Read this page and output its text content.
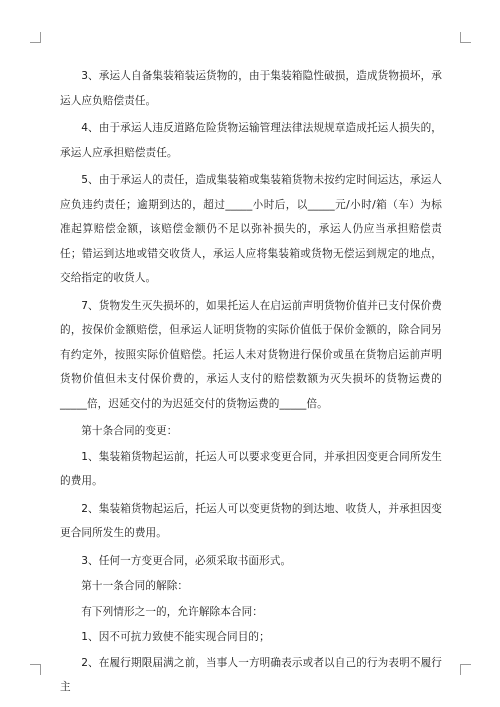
3、承运人自备集装箱装运货物的，由于集装箱隐性破损，造成货物损坏，承运人应负赔偿责任。

4、由于承运人违反道路危险货物运输管理法律法规规章造成托运人损失的，承运人应承担赔偿责任。

5、由于承运人的责任，造成集装箱或集装箱货物未按约定时间运达，承运人应负违约责任；逾期到达的，超过_____小时后，以_____元/小时/箱（车）为标准起算赔偿金额，该赔偿金额仍不足以弥补损失的，承运人仍应当承担赔偿责任；错运到达地或错交收货人，承运人应将集装箱或货物无偿运到规定的地点，交给指定的收货人。

7、货物发生灭失损坏的，如果托运人在启运前声明货物价值并已支付保价费的，按保价金额赔偿，但承运人证明货物的实际价值低于保价金额的，除合同另有约定外，按照实际价值赔偿。托运人未对货物进行保价或虽在货物启运前声明货物价值但未支付保价费的，承运人支付的赔偿数额为灭失损坏的货物运费的_____倍，迟延交付的为迟延交付的货物运费的_____倍。

第十条合同的变更：

1、集装箱货物起运前，托运人可以要求变更合同，并承担因变更合同所发生的费用。

2、集装箱货物起运后，托运人可以变更货物的到达地、收货人，并承担因变更合同所发生的费用。

3、任何一方变更合同，必须采取书面形式。

第十一条合同的解除：

有下列情形之一的，允许解除本合同：

1、因不可抗力致使不能实现合同目的；

2、在履行期限届满之前，当事人一方明确表示或者以自己的行为表明不履行主
